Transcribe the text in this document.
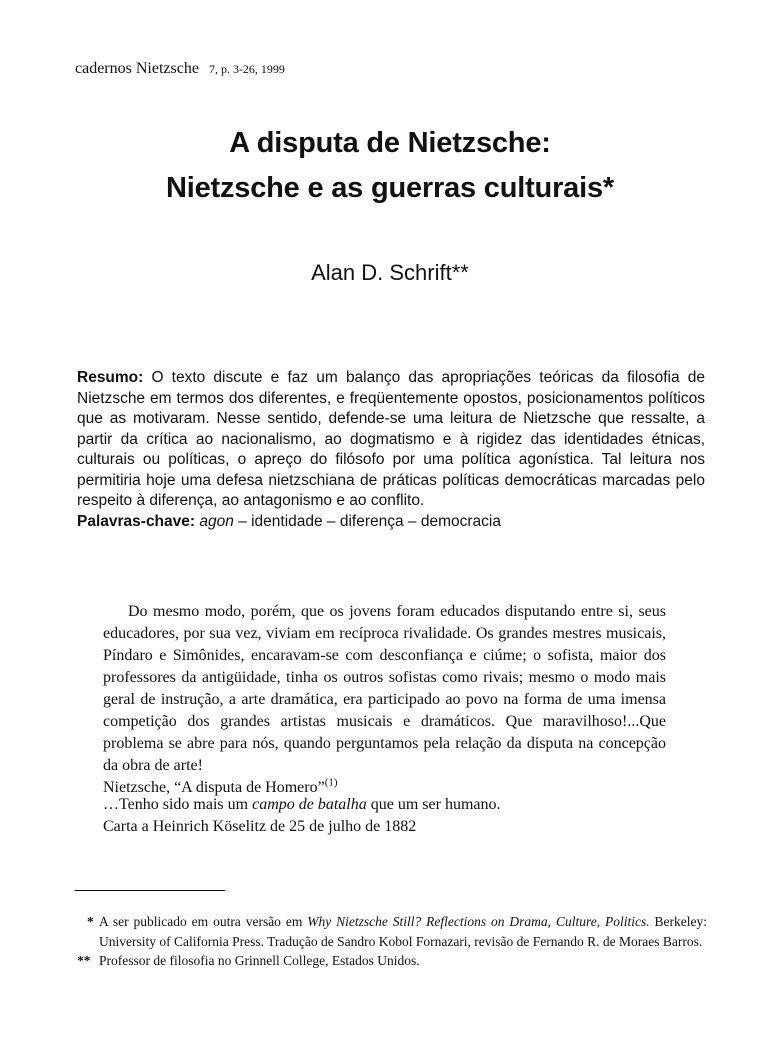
cadernos Nietzsche 7, p. 3-26, 1999
A disputa de Nietzsche:
Nietzsche e as guerras culturais*
Alan D. Schrift**

Resumo: O texto discute e faz um balanço das apropriações teóricas da filosofia de Nietzsche em termos dos diferentes, e freqüentemente opostos, posicionamentos políticos que as motivaram. Nesse sentido, defende-se uma leitura de Nietzsche que ressalte, a partir da crítica ao nacionalismo, ao dogmatismo e à rigidez das identidades étnicas, culturais ou políticas, o apreço do filósofo por uma política agonística. Tal leitura nos permitiria hoje uma defesa nietzschiana de práticas políticas democráticas marcadas pelo respeito à diferença, ao antagonismo e ao conflito.

Palavras-chave: agon – identidade – diferença – democracia

Do mesmo modo, porém, que os jovens foram educados disputando entre si, seus educadores, por sua vez, viviam em recíproca rivalidade. Os grandes mestres musicais, Píndaro e Simônides, encaravam-se com desconfiança e ciúme; o sofista, maior dos professores da antigüidade, tinha os outros sofistas como rivais; mesmo o modo mais geral de instrução, a arte dramática, era participado ao povo na forma de uma imensa competição dos grandes artistas musicais e dramáticos. Que maravilhoso!...Que problema se abre para nós, quando perguntamos pela relação da disputa na concepção da obra de arte!

Nietzsche, “A disputa de Homero”$^{(1)}$

…Tenho sido mais um campo de batalha que um ser humano.

Carta a Heinrich Köselitz de 25 de julho de 1882

* A ser publicado em outra versão em Why Nietzsche Still? Reflections on Drama, Culture, Politics. Berkeley: University of California Press. Tradução de Sandro Kobol Fornazari, revisão de Fernando R. de Moraes Barros.

** Professor de filosofia no Grinnell College, Estados Unidos.
